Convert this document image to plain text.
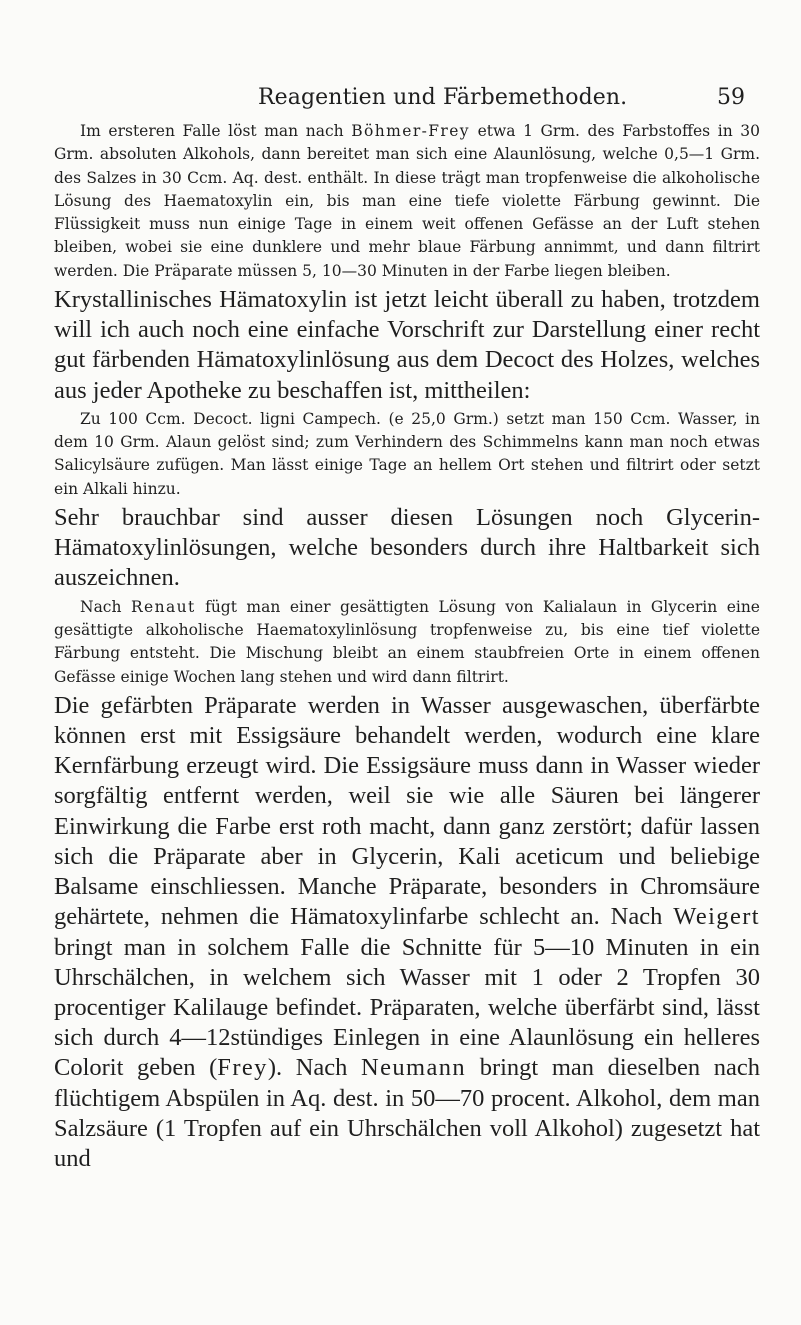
Reagentien und Färbemethoden.	59

Im ersteren Falle löst man nach Böhmer-Frey etwa 1 Grm. des Farbstoffes in 30 Grm. absoluten Alkohols, dann bereitet man sich eine Alaunlösung, welche 0,5—1 Grm. des Salzes in 30 Ccm. Aq. dest. enthält. In diese trägt man tropfenweise die alkoholische Lösung des Haematoxylin ein, bis man eine tiefe violette Färbung gewinnt. Die Flüssigkeit muss nun einige Tage in einem weit offenen Gefässe an der Luft stehen bleiben, wobei sie eine dunklere und mehr blaue Färbung annimmt, und dann filtrirt werden. Die Präparate müssen 5, 10—30 Minuten in der Farbe liegen bleiben.

Krystallinisches Hämatoxylin ist jetzt leicht überall zu haben, trotzdem will ich auch noch eine einfache Vorschrift zur Darstellung einer recht gut färbenden Hämatoxylinlösung aus dem Decoct des Holzes, welches aus jeder Apotheke zu beschaffen ist, mittheilen:

Zu 100 Ccm. Decoct. ligni Campech. (e 25,0 Grm.) setzt man 150 Ccm. Wasser, in dem 10 Grm. Alaun gelöst sind; zum Verhindern des Schimmelns kann man noch etwas Salicylsäure zufügen. Man lässt einige Tage an hellem Ort stehen und filtrirt oder setzt ein Alkali hinzu.

Sehr brauchbar sind ausser diesen Lösungen noch Glycerin-Hämatoxylinlösungen, welche besonders durch ihre Haltbarkeit sich auszeichnen.

Nach Renaut fügt man einer gesättigten Lösung von Kalialaun in Glycerin eine gesättigte alkoholische Haematoxylinlösung tropfenweise zu, bis eine tief violette Färbung entsteht. Die Mischung bleibt an einem staubfreien Orte in einem offenen Gefässe einige Wochen lang stehen und wird dann filtrirt.

Die gefärbten Präparate werden in Wasser ausgewaschen, überfärbte können erst mit Essigsäure behandelt werden, wodurch eine klare Kernfärbung erzeugt wird. Die Essigsäure muss dann in Wasser wieder sorgfältig entfernt werden, weil sie wie alle Säuren bei längerer Einwirkung die Farbe erst roth macht, dann ganz zerstört; dafür lassen sich die Präparate aber in Glycerin, Kali aceticum und beliebige Balsame einschliessen. Manche Präparate, besonders in Chromsäure gehärtete, nehmen die Hämatoxylinfarbe schlecht an. Nach Weigert bringt man in solchem Falle die Schnitte für 5—10 Minuten in ein Uhrschälchen, in welchem sich Wasser mit 1 oder 2 Tropfen 30 procentiger Kalilauge befindet. Präparaten, welche überfärbt sind, lässt sich durch 4—12stündiges Einlegen in eine Alaunlösung ein helleres Colorit geben (Frey). Nach Neumann bringt man dieselben nach flüchtigem Abspülen in Aq. dest. in 50—70 procent. Alkohol, dem man Salzsäure (1 Tropfen auf ein Uhrschälchen voll Alkohol) zugesetzt hat und
